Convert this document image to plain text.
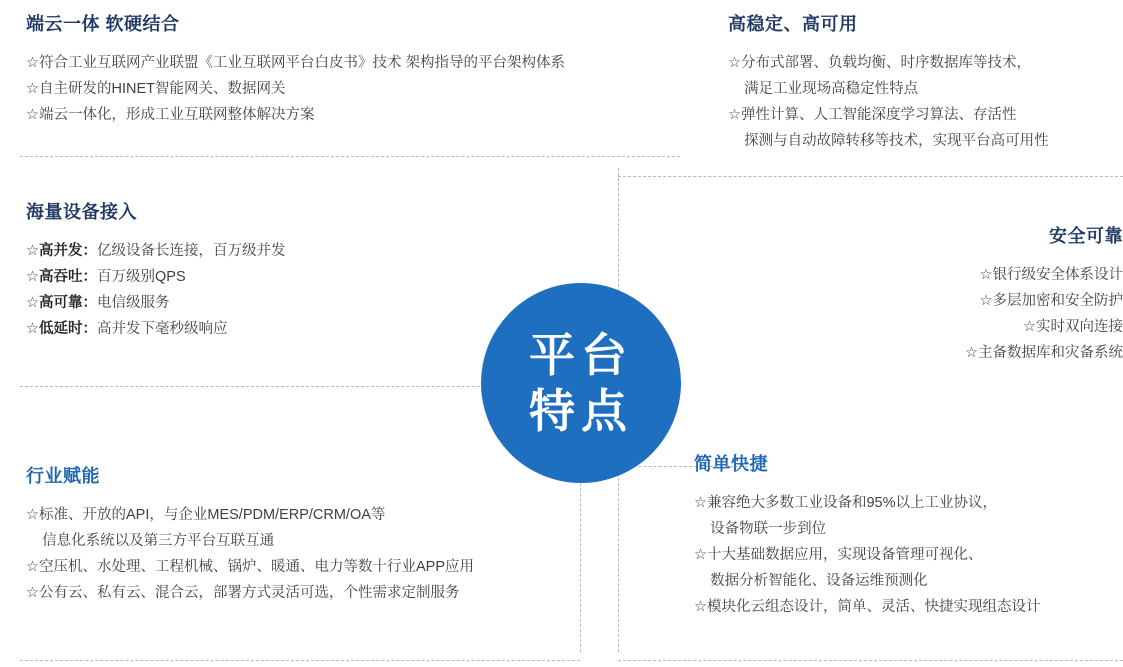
端云一体 软硬结合
☆符合工业互联网产业联盟《工业互联网平台白皮书》技术 架构指导的平台架构体系
☆自主研发的HINET智能网关、数据网关
☆端云一体化，形成工业互联网整体解决方案
高稳定、高可用
☆分布式部署、负载均衡、时序数据库等技术，
满足工业现场高稳定性特点
☆弹性计算、人工智能深度学习算法、存活性
探测与自动故障转移等技术，实现平台高可用性
海量设备接入
☆高并发：亿级设备长连接，百万级并发
☆高吞吐：百万级别QPS
☆高可靠：电信级服务
☆低延时：高并发下毫秒级响应
安全可靠
☆银行级安全体系设计
☆多层加密和安全防护
☆实时双向连接
☆主备数据库和灾备系统
行业赋能
☆标准、开放的API，与企业MES/PDM/ERP/CRM/OA等
信息化系统以及第三方平台互联互通
☆空压机、水处理、工程机械、锅炉、暖通、电力等数十行业APP应用
☆公有云、私有云、混合云，部署方式灵活可选，个性需求定制服务
简单快捷
☆兼容绝大多数工业设备和95%以上工业协议，
设备物联一步到位
☆十大基础数据应用，实现设备管理可视化、
数据分析智能化、设备运维预测化
☆模块化云组态设计，简单、灵活、快捷实现组态设计
平台
特点
